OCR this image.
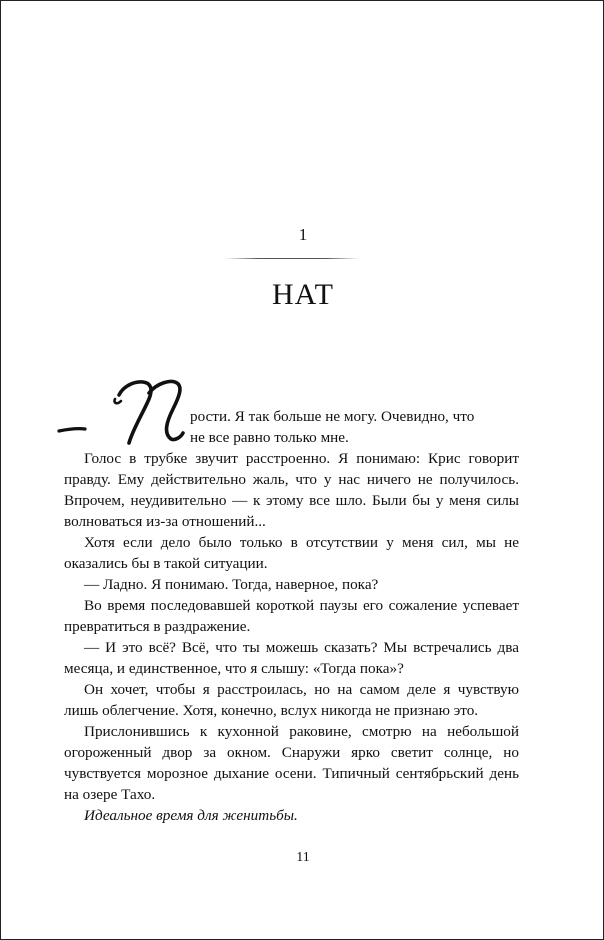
1
НАТ

рости. Я так больше не могу. Очевидно, что

не все равно только мне.

Голос в трубке звучит расстроенно. Я понимаю: Крис говорит правду. Ему действительно жаль, что у нас ничего не получилось. Впрочем, неудивительно — к этому все шло. Были бы у меня силы волноваться из-за отношений...

Хотя если дело было только в отсутствии у меня сил, мы не оказались бы в такой ситуации.

— Ладно. Я понимаю. Тогда, наверное, пока?

Во время последовавшей короткой паузы его сожаление успевает превратиться в раздражение.

— И это всё? Всё, что ты можешь сказать? Мы встречались два месяца, и единственное, что я слышу: «Тогда пока»?

Он хочет, чтобы я расстроилась, но на самом деле я чувствую лишь облегчение. Хотя, конечно, вслух никогда не признаю это.

Прислонившись к кухонной раковине, смотрю на небольшой огороженный двор за окном. Снаружи ярко светит солнце, но чувствуется морозное дыхание осени. Типичный сентябрьский день на озере Тахо.

Идеальное время для женитьбы.

11
